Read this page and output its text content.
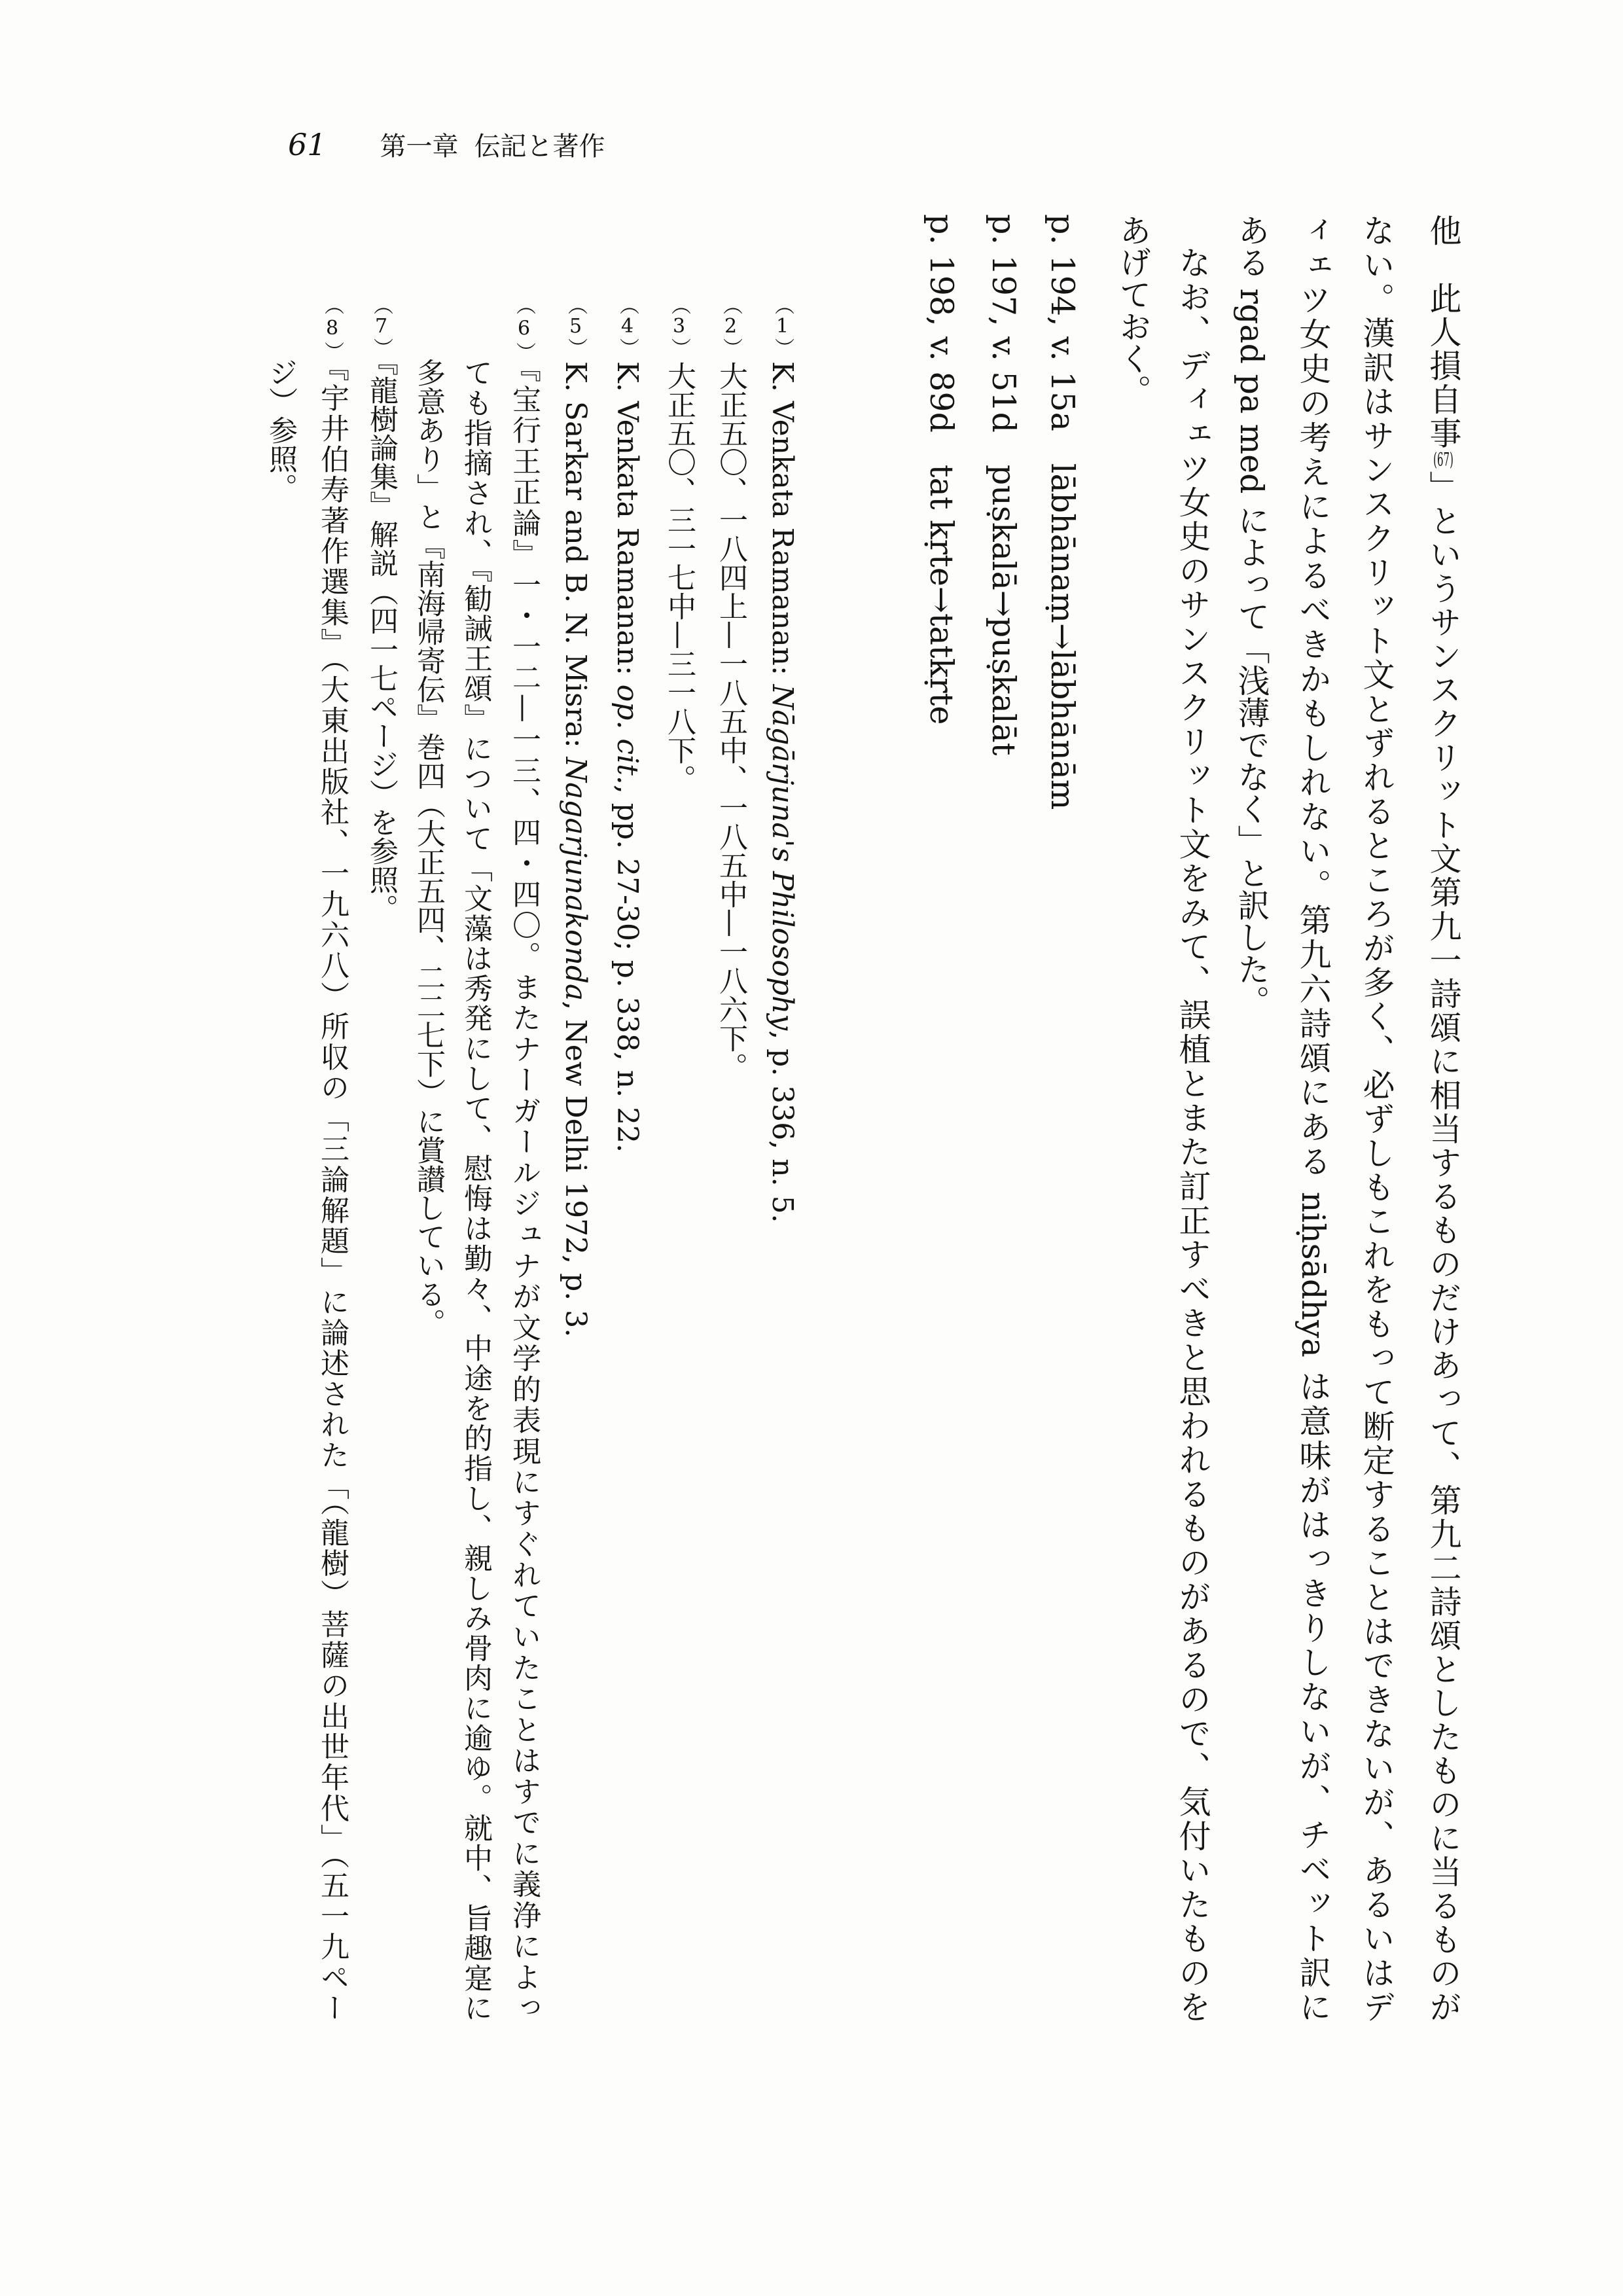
61 第一章 伝記と著作
他　此人損自事(67)」というサンスクリット文第九一詩頌に相当するものだけあって、第九二詩頌としたものに当るものが
ない。漢訳はサンスクリット文とずれるところが多く、必ずしもこれをもって断定することはできないが、あるいはデ
ィェツ女史の考えによるべきかもしれない。第九六詩頌にある niḥsādhya は意味がはっきりしないが、チベット訳に
ある rgad pa med によって「浅薄でなく」と訳した。
なお、ディェツ女史のサンスクリット文をみて、誤植とまた訂正すべきと思われるものがあるので、気付いたものを
あげておく。
p. 194, v. 15a　lābhānaṃ→lābhānām
p. 197, v. 51d　puṣkalā→puṣkalāt
p. 198, v. 89d　tat kṛte→tatkṛte
（1）K. Venkata Ramanan: Nāgārjuna's Philosophy, p. 336, n. 5.
（2）大正五〇、一八四上—一八五中、一八五中—一八六下。
（3）大正五〇、三一七中—三一八下。
（4）K. Venkata Ramanan: op. cit., pp. 27-30; p. 338, n. 22.
（5）K. Sarkar and B. N. Misra: Nagarjunakonda, New Delhi 1972, p. 3.
（6）『宝行王正論』一・一二—一三、四・四〇。またナーガールジュナが文学的表現にすぐれていたことはすでに義浄によっ
ても指摘され、『勧誡王頌』について「文藻は秀発にして、慰悔は勤々、中途を的指し、親しみ骨肉に逾ゆ。就中、旨趣寔に
多意あり」と『南海帰寄伝』巻四（大正五四、二二七下）に賞讃している。
（7）『龍樹論集』解説（四一七ページ）を参照。
（8）『宇井伯寿著作選集』（大東出版社、一九六八）所収の「三論解題」に論述された「（龍樹）菩薩の出世年代」（五一九ペー
ジ）参照。
